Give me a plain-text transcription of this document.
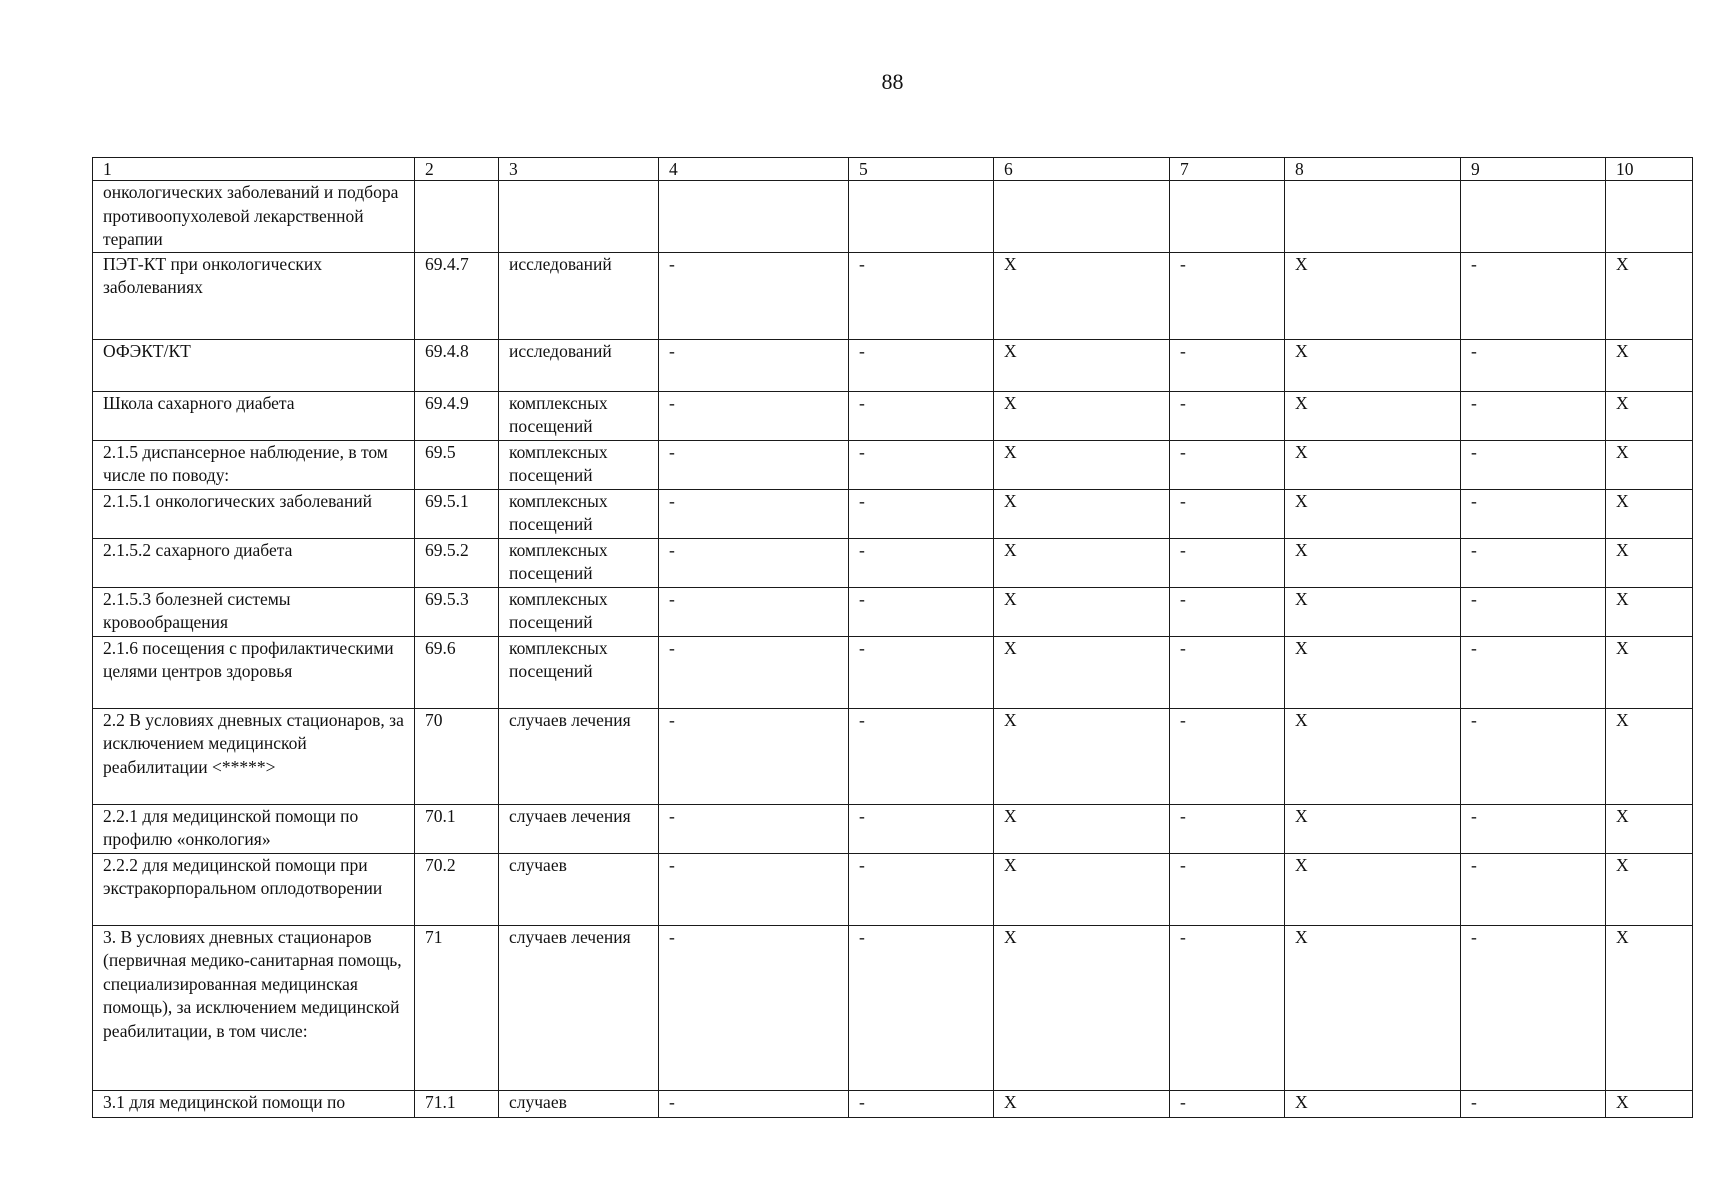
88
1	2	3	4	5	6	7	8	9	10
онкологических заболеваний и подбора противоопухолевой лекарственной терапии									
ПЭТ-КТ при онкологических заболеваниях	69.4.7	исследований	-	-	Х	-	Х	-	Х
ОФЭКТ/КТ	69.4.8	исследований	-	-	Х	-	Х	-	Х
Школа сахарного диабета	69.4.9	комплексных посещений	-	-	Х	-	Х	-	Х
2.1.5 диспансерное наблюдение, в том числе по поводу:	69.5	комплексных посещений	-	-	Х	-	Х	-	Х
2.1.5.1 онкологических заболеваний	69.5.1	комплексных посещений	-	-	Х	-	Х	-	Х
2.1.5.2 сахарного диабета	69.5.2	комплексных посещений	-	-	Х	-	Х	-	Х
2.1.5.3 болезней системы кровообращения	69.5.3	комплексных посещений	-	-	Х	-	Х	-	Х
2.1.6 посещения с профилактическими целями центров здоровья	69.6	комплексных посещений	-	-	Х	-	Х	-	Х
2.2 В условиях дневных стационаров, за исключением медицинской реабилитации <*****>	70	случаев лечения	-	-	Х	-	Х	-	Х
2.2.1 для медицинской помощи по профилю «онкология»	70.1	случаев лечения	-	-	Х	-	Х	-	Х
2.2.2 для медицинской помощи при экстракорпоральном оплодотворении	70.2	случаев	-	-	Х	-	Х	-	Х
3. В условиях дневных стационаров (первичная медико-санитарная помощь, специализированная медицинская помощь), за исключением медицинской реабилитации, в том числе:	71	случаев лечения	-	-	Х	-	Х	-	Х
3.1 для медицинской помощи по	71.1	случаев	-	-	Х	-	Х	-	Х
